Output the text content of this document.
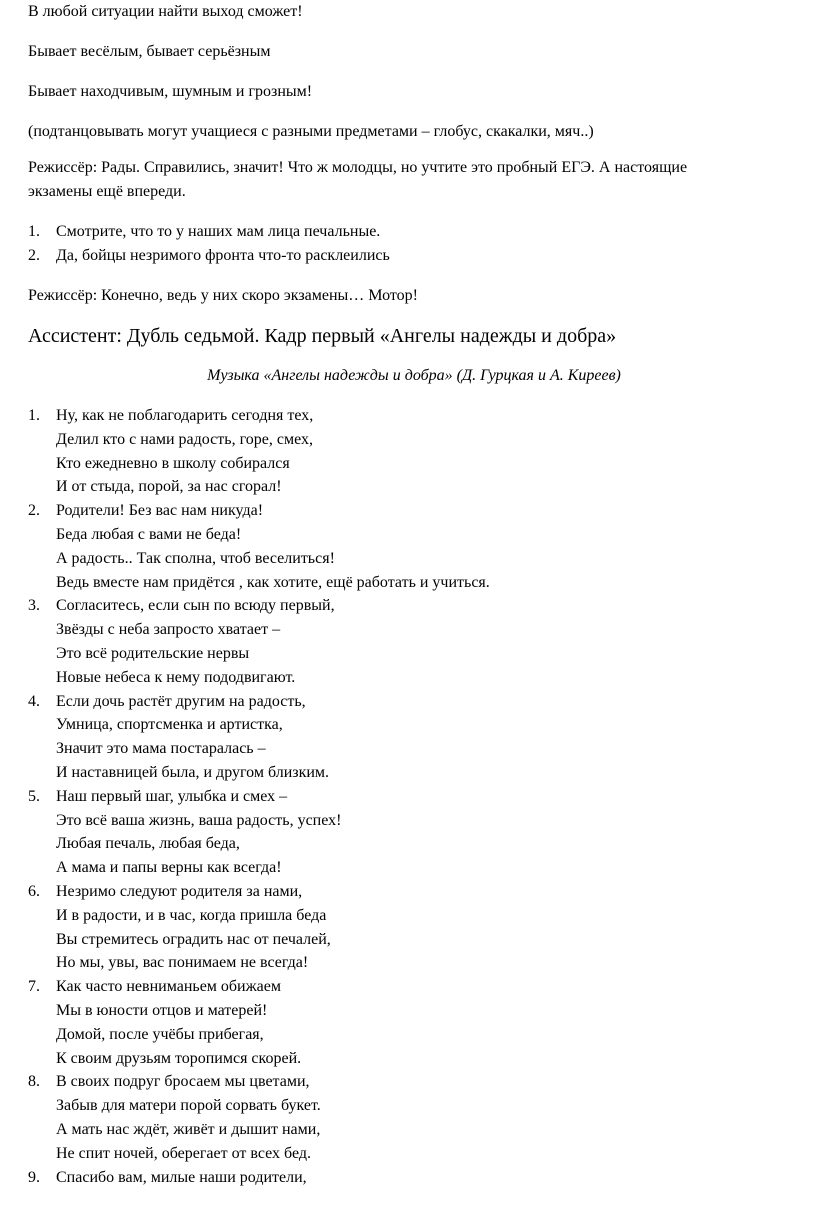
В любой ситуации найти выход сможет!
Бывает весёлым, бывает серьёзным
Бывает находчивым, шумным и грозным!
(подтанцовывать могут учащиеся с разными предметами – глобус, скакалки, мяч..)
Режиссёр: Рады. Справились, значит! Что ж молодцы, но учтите это пробный ЕГЭ. А настоящие
экзамены ещё впереди.
1. Смотрите, что то у наших мам лица печальные.
2. Да, бойцы незримого фронта что-то расклеились
Режиссёр: Конечно, ведь у них скоро экзамены… Мотор!
Ассистент: Дубль седьмой. Кадр первый «Ангелы надежды и добра»
Музыка «Ангелы надежды и добра» (Д. Гурцкая и А. Киреев)
1. Ну, как не поблагодарить сегодня тех,
Делил кто с нами радость, горе, смех,
Кто ежедневно в школу собирался
И от стыда, порой, за нас сгорал!
2. Родители! Без вас нам никуда!
Беда любая с вами не беда!
А радость.. Так сполна, чтоб веселиться!
Ведь вместе нам придётся , как хотите, ещё работать и учиться.
3. Согласитесь, если сын по всюду первый,
Звёзды с неба запросто хватает –
Это всё родительские нервы
Новые небеса к нему пододвигают.
4. Если дочь растёт другим на радость,
Умница, спортсменка и артистка,
Значит это мама постаралась –
И наставницей была, и другом близким.
5. Наш первый шаг, улыбка и смех –
Это всё ваша жизнь, ваша радость, успех!
Любая печаль, любая беда,
А мама и папы верны как всегда!
6. Незримо следуют родителя за нами,
И в радости, и в час, когда пришла беда
Вы стремитесь оградить нас от печалей,
Но мы, увы, вас понимаем не всегда!
7. Как часто невниманьем обижаем
Мы в юности отцов и матерей!
Домой, после учёбы прибегая,
К своим друзьям торопимся скорей.
8. В своих подруг бросаем мы цветами,
Забыв для матери порой сорвать букет.
А мать нас ждёт, живёт и дышит нами,
Не спит ночей, оберегает от всех бед.
9. Спасибо вам, милые наши родители,
